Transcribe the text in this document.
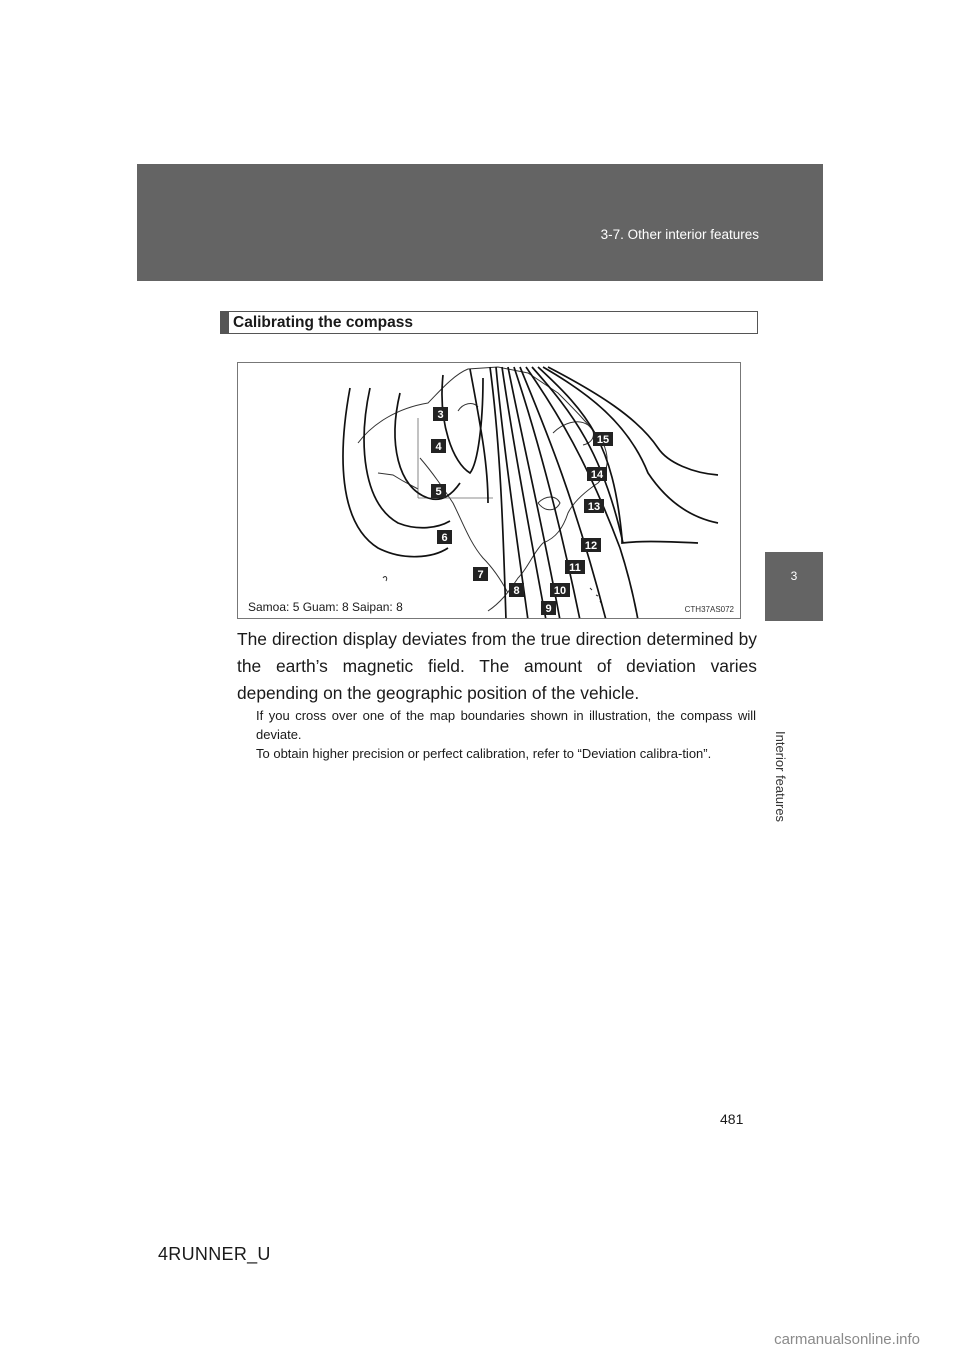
3-7. Other interior features
3
Interior features
Calibrating the compass
3
4
5
6
7
8
9
10
11
12
13
14
15
Samoa: 5 Guam: 8 Saipan: 8	CTH37AS072
The direction display deviates from the true direction determined by the earth’s magnetic field. The amount of deviation varies depending on the geographic position of the vehicle.

If you cross over one of the map boundaries shown in illustration, the compass will deviate.

To obtain higher precision or perfect calibration, refer to “Deviation calibra-tion”.

481
4RUNNER_U
carmanualsonline.info
